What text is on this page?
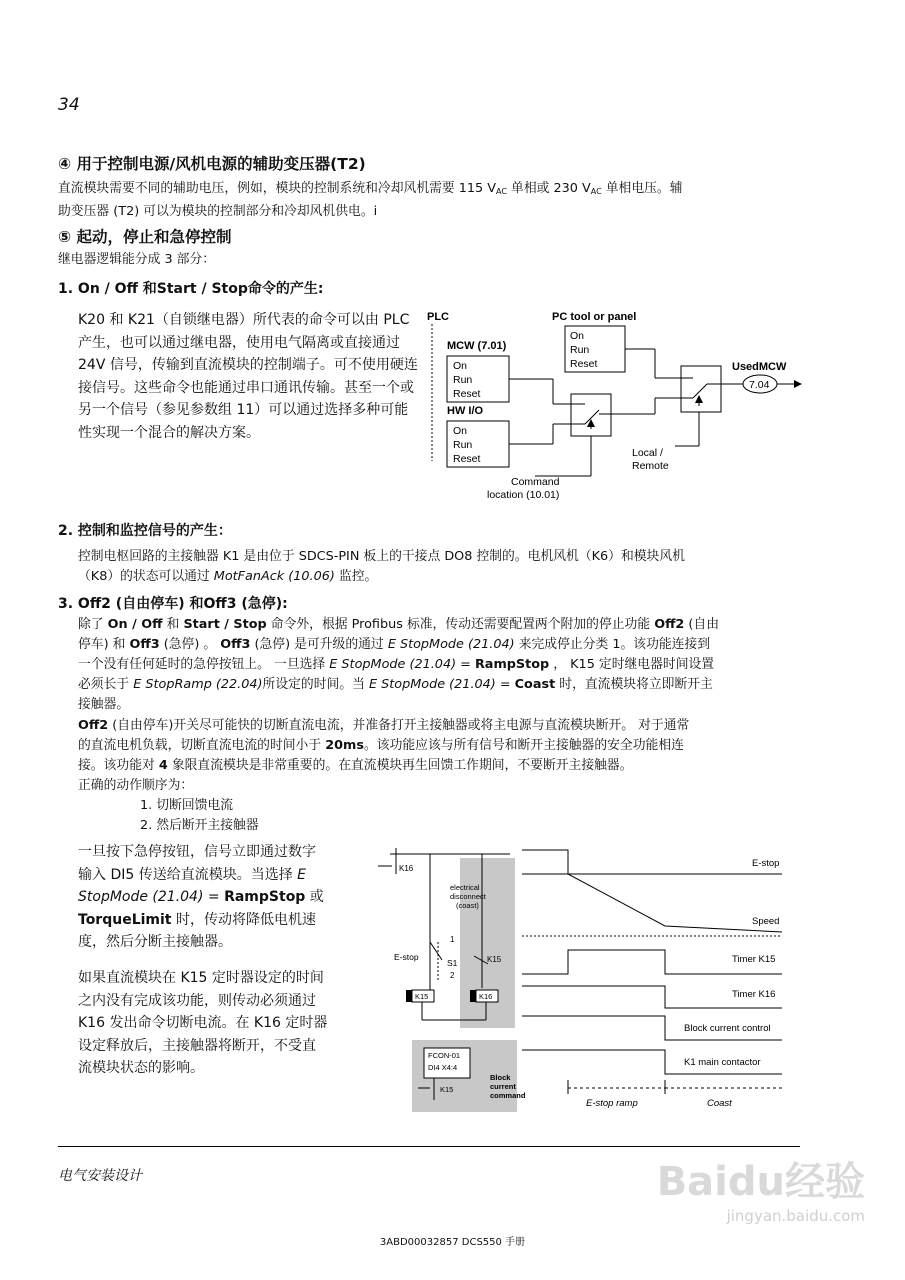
34
④ 用于控制电源/风机电源的辅助变压器(T2)
直流模块需要不同的辅助电压，例如，模块的控制系统和冷却风机需要 115 $V_{AC}$ 单相或 230 $V_{AC}$ 单相电压。辅
助变压器 (T2) 可以为模块的控制部分和冷却风机供电。i
⑤ 起动，停止和急停控制
继电器逻辑能分成 3 部分：
1. On / Off 和Start / Stop命令的产生:
K20 和 K21（自锁继电器）所代表的命令可以由 PLC 产生，也可以通过继电器，使用电气隔离或直接通过 24V 信号，传输到直流模块的控制端子。可不使用硬连接信号。这些命令也能通过串口通讯传输。甚至一个或另一个信号（参见参数组 11）可以通过选择多种可能性实现一个混合的解决方案。
PLC
MCW (7.01)
On
Run
Reset
HW I/O
On
Run
Reset
PC tool or panel
On
Run
Reset
7.04
UsedMCW
Command
location (10.01)
Local /
Remote
2. 控制和监控信号的产生：
控制电枢回路的主接触器 K1 是由位于 SDCS-PIN 板上的干接点 DO8 控制的。电机风机（K6）和模块风机
（K8）的状态可以通过 MotFanAck (10.06) 监控。
3. Off2 (自由停车) 和Off3 (急停):
除了 On / Off 和 Start / Stop 命令外，根据 Profibus 标准，传动还需要配置两个附加的停止功能 Off2 (自由
停车) 和 Off3 (急停) 。 Off3 (急停) 是可升级的通过 E StopMode (21.04) 来完成停止分类 1。该功能连接到
一个没有任何延时的急停按钮上。 一旦选择 E StopMode (21.04) = RampStop ， K15 定时继电器时间设置
必须长于 E StopRamp (22.04)所设定的时间。当 E StopMode (21.04) = Coast 时，直流模块将立即断开主
接触器。
Off2 (自由停车)开关尽可能快的切断直流电流，并准备打开主接触器或将主电源与直流模块断开。 对于通常
的直流电机负载，切断直流电流的时间小于 20ms。该功能应该与所有信号和断开主接触器的安全功能相连
接。该功能对 4 象限直流模块是非常重要的。在直流模块再生回馈工作期间，不要断开主接触器。
正确的动作顺序为：
1. 切断回馈电流
2. 然后断开主接触器
一旦按下急停按钮，信号立即通过数字
输入 DI5 传送给直流模块。当选择 E
StopMode (21.04) = RampStop 或
TorqueLimit 时，传动将降低电机速
度，然后分断主接触器。
如果直流模块在 K15 定时器设定的时间
之内没有完成该功能，则传动必须通过
K16 发出命令切断电流。在 K16 定时器
设定释放后，主接触器将断开，不受直
流模块状态的影响。
K16
E-stop
S1
1
2
K15
K15	K16
electrical
disconnect
(coast)
FCON-01
DI4 X4:4
K15
Block
current
command
E-stop
Speed
Timer K15
Timer K16
Block current control
K1 main contactor
E-stop ramp	Coast
电气安装设计
3ABD00032857 DCS550 手册
Baidu经验
jingyan.baidu.com
